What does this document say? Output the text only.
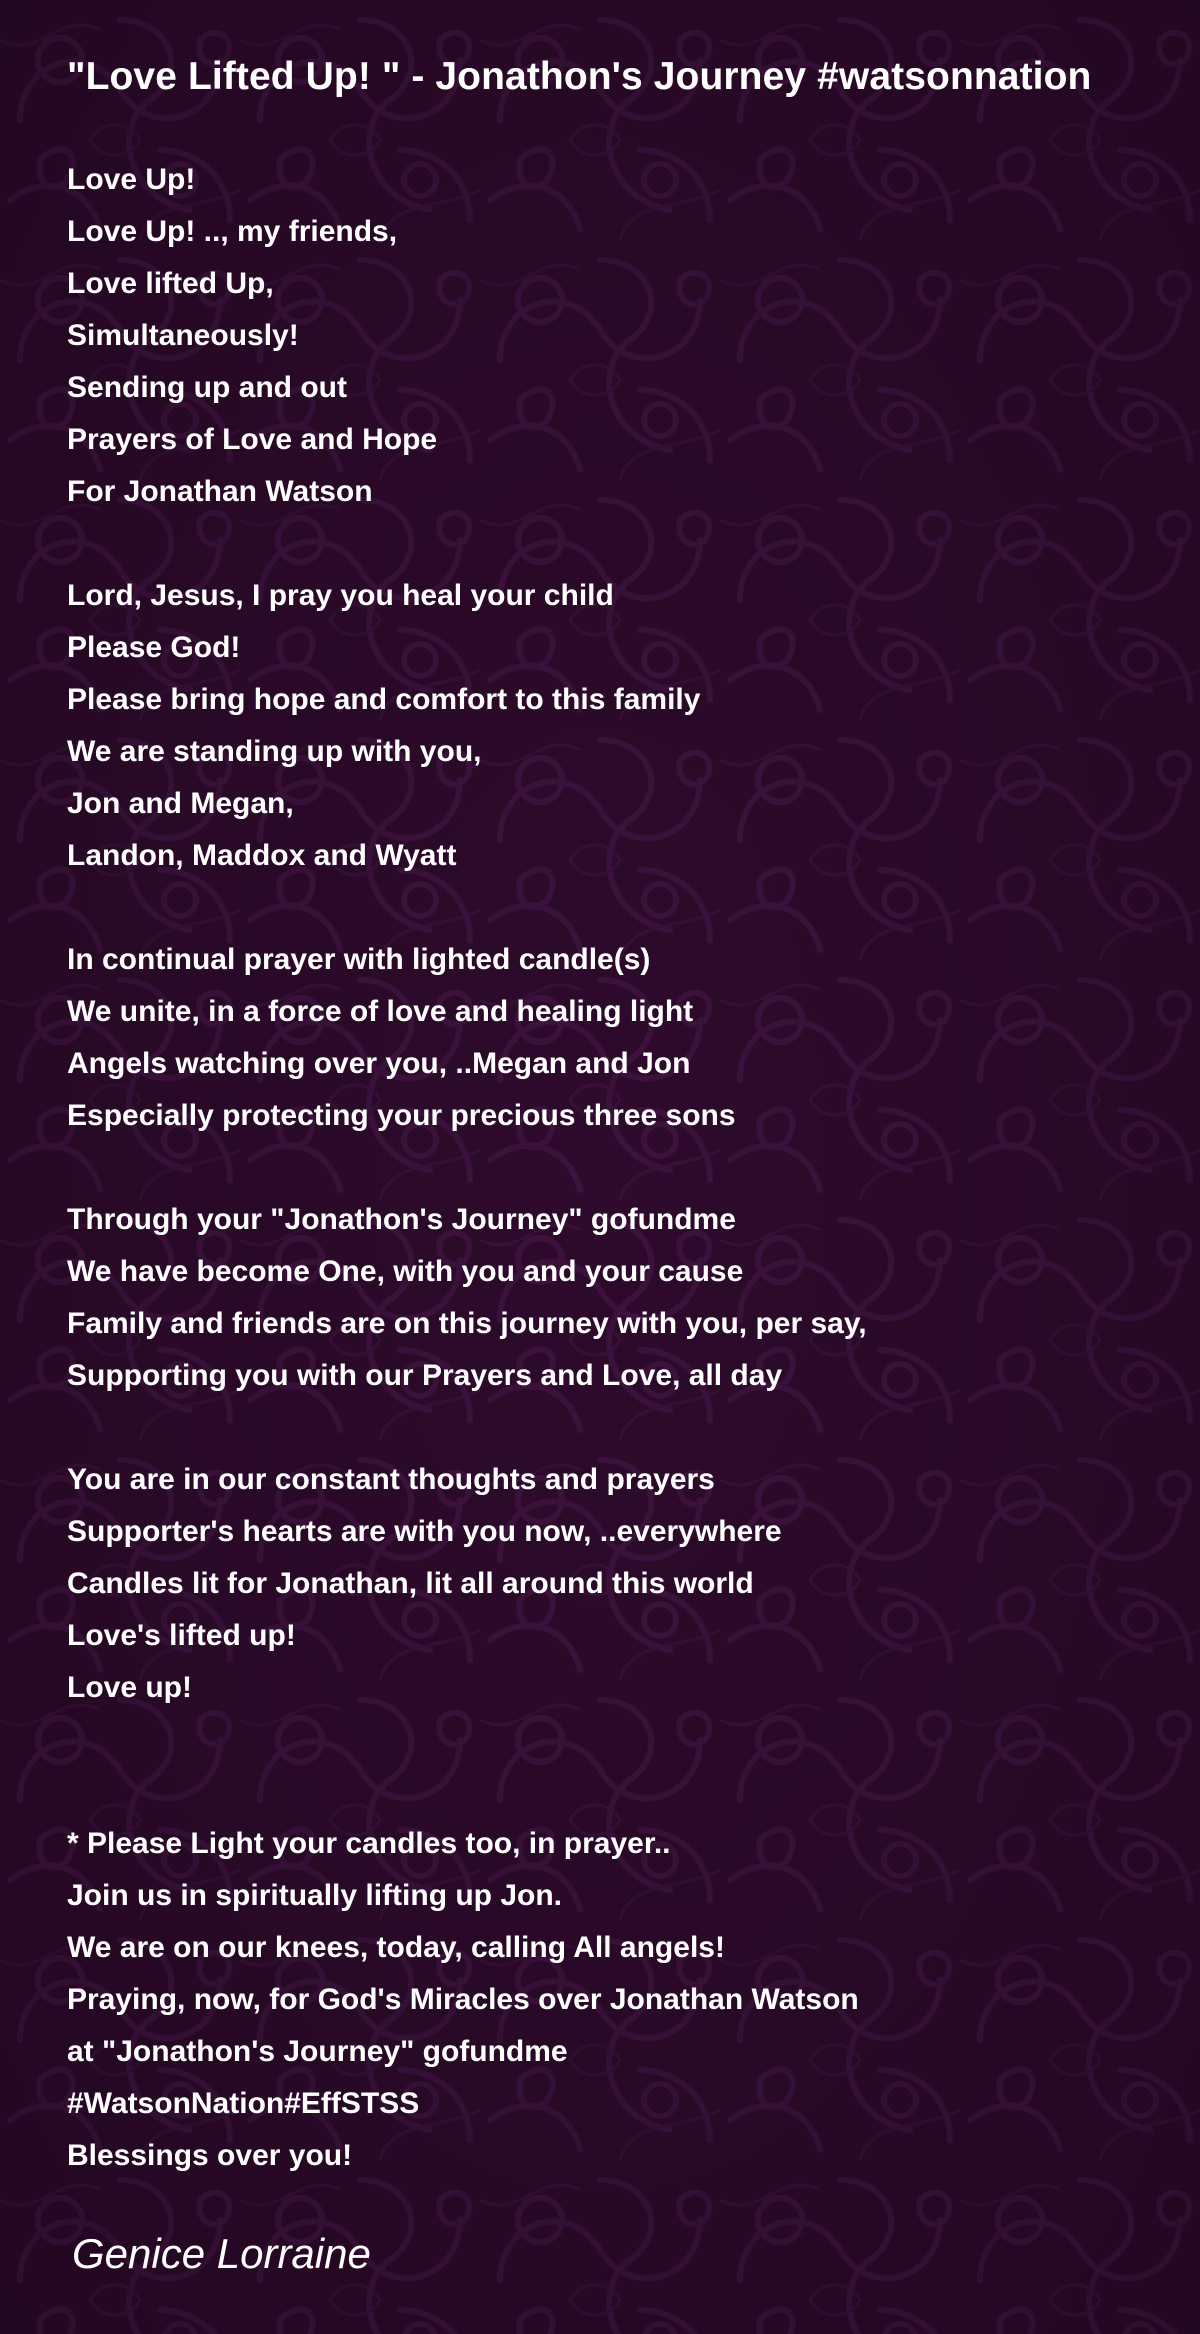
"Love Lifted Up! " - Jonathon's Journey #watsonnation
Love Up!
Love Up! .., my friends,
Love lifted Up,
Simultaneously!
Sending up and out
Prayers of Love and Hope
For Jonathan Watson
Lord, Jesus, I pray you heal your child
Please God!
Please bring hope and comfort to this family
We are standing up with you,
Jon and Megan,
Landon, Maddox and Wyatt
In continual prayer with lighted candle(s)
We unite, in a force of love and healing light
Angels watching over you, ..Megan and Jon
Especially protecting your precious three sons
Through your "Jonathon's Journey" gofundme
We have become One, with you and your cause
Family and friends are on this journey with you, per say,
Supporting you with our Prayers and Love, all day
You are in our constant thoughts and prayers
Supporter's hearts are with you now, ..everywhere
Candles lit for Jonathan, lit all around this world
Love's lifted up!
Love up!
* Please Light your candles too, in prayer..
Join us in spiritually lifting up Jon.
We are on our knees, today, calling All angels!
Praying, now, for God's Miracles over Jonathan Watson
at "Jonathon's Journey" gofundme
#WatsonNation#EffSTSS
Blessings over you!
Genice Lorraine
